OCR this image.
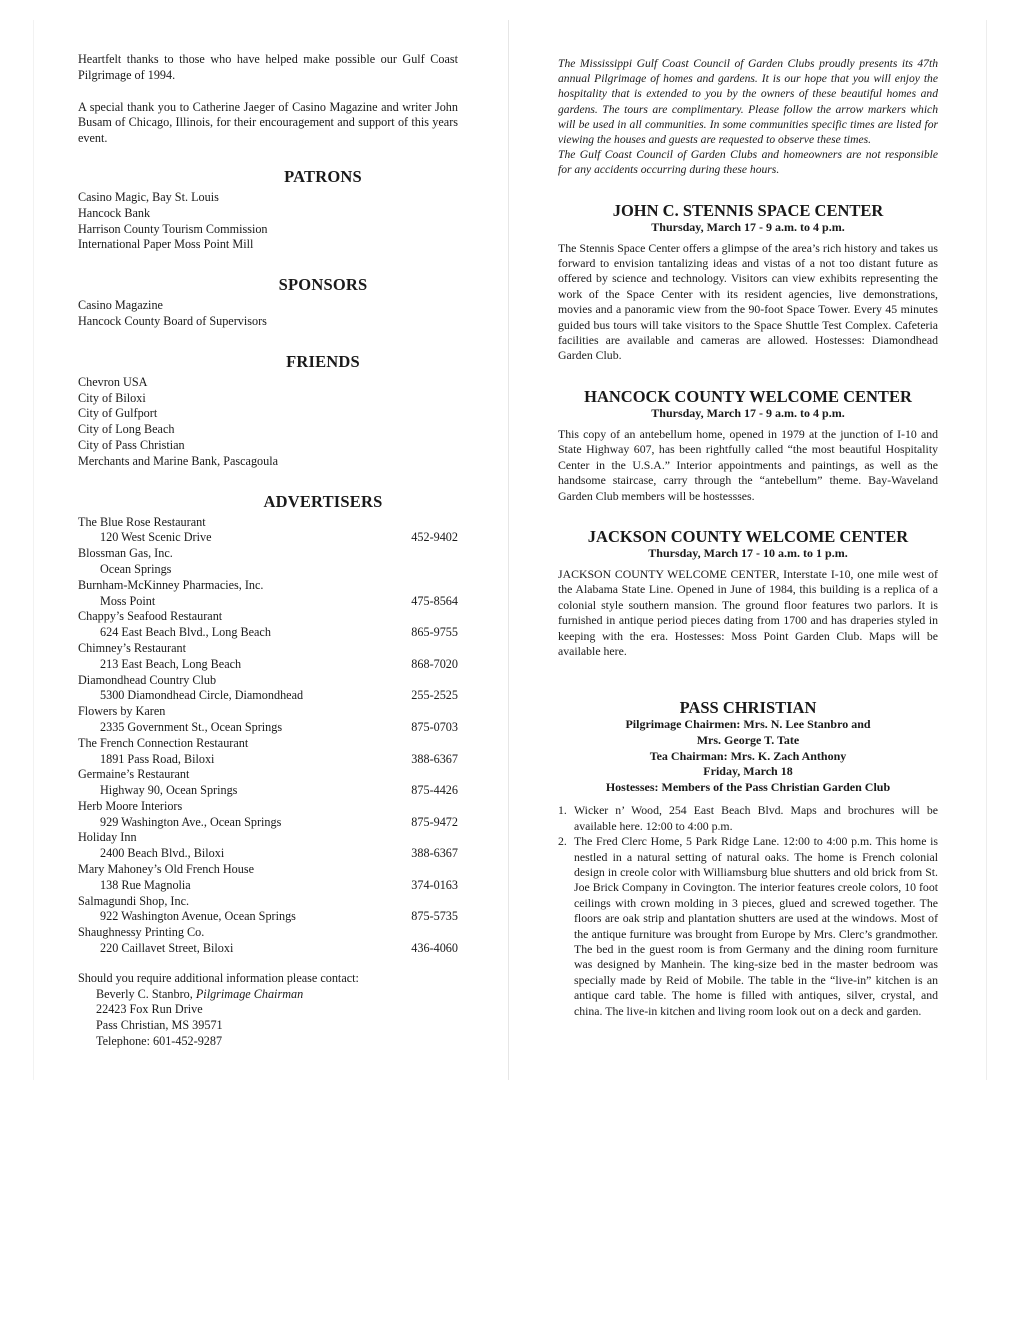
Heartfelt thanks to those who have helped make possible our Gulf Coast Pilgrimage of 1994.

A special thank you to Catherine Jaeger of Casino Magazine and writer John Busam of Chicago, Illinois, for their encouragement and support of this years event.

PATRONS
Casino Magic, Bay St. Louis
Hancock Bank
Harrison County Tourism Commission
International Paper Moss Point Mill
SPONSORS
Casino Magazine
Hancock County Board of Supervisors
FRIENDS
Chevron USA
City of Biloxi
City of Gulfport
City of Long Beach
City of Pass Christian
Merchants and Marine Bank, Pascagoula
ADVERTISERS
The Blue Rose Restaurant
120 West Scenic Drive	452-9402
Blossman Gas, Inc.
Ocean Springs
Burnham-McKinney Pharmacies, Inc.
Moss Point	475-8564
Chappy’s Seafood Restaurant
624 East Beach Blvd., Long Beach	865-9755
Chimney’s Restaurant
213 East Beach, Long Beach	868-7020
Diamondhead Country Club
5300 Diamondhead Circle, Diamondhead	255-2525
Flowers by Karen
2335 Government St., Ocean Springs	875-0703
The French Connection Restaurant
1891 Pass Road, Biloxi	388-6367
Germaine’s Restaurant
Highway 90, Ocean Springs	875-4426
Herb Moore Interiors
929 Washington Ave., Ocean Springs	875-9472
Holiday Inn
2400 Beach Blvd., Biloxi	388-6367
Mary Mahoney’s Old French House
138 Rue Magnolia	374-0163
Salmagundi Shop, Inc.
922 Washington Avenue, Ocean Springs	875-5735
Shaughnessy Printing Co.
220 Caillavet Street, Biloxi	436-4060
Should you require additional information please contact:
Beverly C. Stanbro, Pilgrimage Chairman
22423 Fox Run Drive
Pass Christian, MS 39571
Telephone: 601-452-9287

The Mississippi Gulf Coast Council of Garden Clubs proudly presents its 47th annual Pilgrimage of homes and gardens. It is our hope that you will enjoy the hospitality that is extended to you by the owners of these beautiful homes and gardens. The tours are complimentary. Please follow the arrow markers which will be used in all communities. In some communities specific times are listed for viewing the houses and guests are requested to observe these times.

The Gulf Coast Council of Garden Clubs and homeowners are not responsible for any accidents occurring during these hours.

JOHN C. STENNIS SPACE CENTER
Thursday, March 17 - 9 a.m. to 4 p.m.

The Stennis Space Center offers a glimpse of the area’s rich history and takes us forward to envision tantalizing ideas and vistas of a not too distant future as offered by science and technology. Visitors can view exhibits representing the work of the Space Center with its resident agencies, live demonstrations, movies and a panoramic view from the 90-foot Space Tower. Every 45 minutes guided bus tours will take visitors to the Space Shuttle Test Complex. Cafeteria facilities are available and cameras are allowed. Hostesses: Diamondhead Garden Club.

HANCOCK COUNTY WELCOME CENTER
Thursday, March 17 - 9 a.m. to 4 p.m.

This copy of an antebellum home, opened in 1979 at the junction of I-10 and State Highway 607, has been rightfully called “the most beautiful Hospitality Center in the U.S.A.” Interior appointments and paintings, as well as the handsome staircase, carry through the “antebellum” theme. Bay-Waveland Garden Club members will be hostessses.

JACKSON COUNTY WELCOME CENTER
Thursday, March 17 - 10 a.m. to 1 p.m.

JACKSON COUNTY WELCOME CENTER, Interstate I-10, one mile west of the Alabama State Line. Opened in June of 1984, this building is a replica of a colonial style southern mansion. The ground floor features two parlors. It is furnished in antique period pieces dating from 1700 and has draperies styled in keeping with the era. Hostesses: Moss Point Garden Club. Maps will be available here.

PASS CHRISTIAN
Pilgrimage Chairmen: Mrs. N. Lee Stanbro and
Mrs. George T. Tate
Tea Chairman: Mrs. K. Zach Anthony
Friday, March 18
Hostesses: Members of the Pass Christian Garden Club
1. Wicker n’ Wood, 254 East Beach Blvd. Maps and brochures will be available here. 12:00 to 4:00 p.m.
2. The Fred Clerc Home, 5 Park Ridge Lane. 12:00 to 4:00 p.m. This home is nestled in a natural setting of natural oaks. The home is French colonial design in creole color with Williamsburg blue shutters and old brick from St. Joe Brick Company in Covington. The interior features creole colors, 10 foot ceilings with crown molding in 3 pieces, glued and screwed together. The floors are oak strip and plantation shutters are used at the windows. Most of the antique furniture was brought from Europe by Mrs. Clerc’s grandmother. The bed in the guest room is from Germany and the dining room furniture was designed by Manhein. The king-size bed in the master bedroom was specially made by Reid of Mobile. The table in the “live-in” kitchen is an antique card table. The home is filled with antiques, silver, crystal, and china. The live-in kitchen and living room look out on a deck and garden.
